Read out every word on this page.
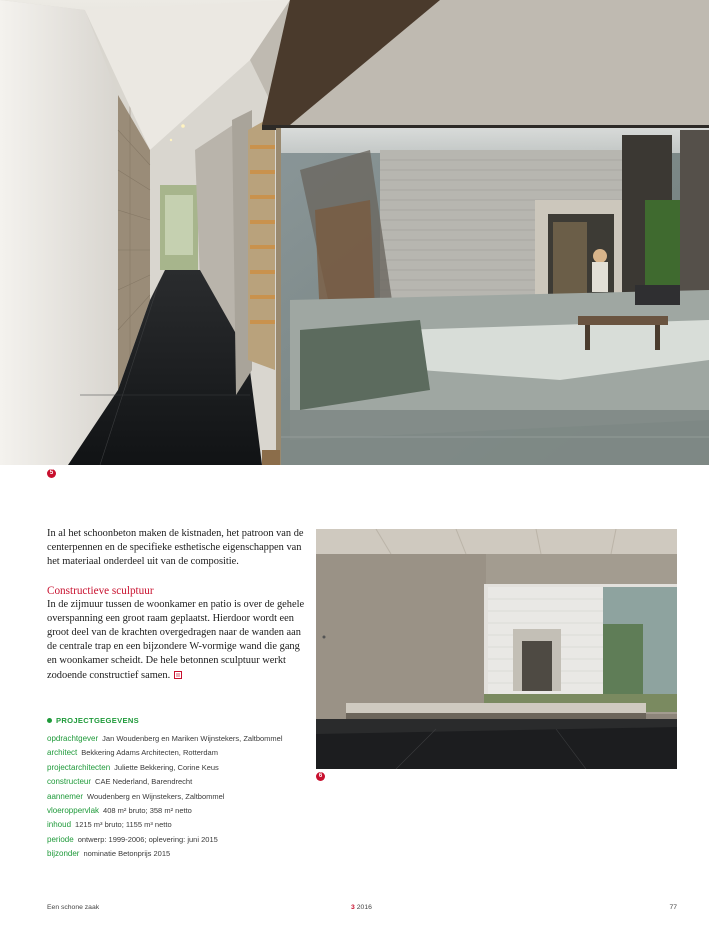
5

In al het schoonbeton maken de kistnaden, het patroon van de centerpennen en de specifieke esthetische eigenschappen van het materiaal onderdeel uit van de compositie.

Constructieve sculptuur

In de zijmuur tussen de woonkamer en patio is over de gehele overspanning een groot raam geplaatst. Hierdoor wordt een groot deel van de krachten overgedragen naar de wanden aan de centrale trap en een bijzondere W-vormige wand die gang en woonkamer scheidt. De hele betonnen sculptuur werkt zodoende constructief samen.

PROJECTGEGEVENS
opdrachtgever Jan Woudenberg en Mariken Wijnstekers, Zaltbommel
architect Bekkering Adams Architecten, Rotterdam
projectarchitecten Juliette Bekkering, Corine Keus
constructeur CAE Nederland, Barendrecht
aannemer Woudenberg en Wijnstekers, Zaltbommel
vloeroppervlak 408 m² bruto; 358 m² netto
inhoud 1215 m³ bruto; 1155 m³ netto
periode ontwerp: 1999-2006; oplevering: juni 2015
bijzonder nominatie Betonprijs 2015
6
Een schone zaak	3 2016	77
